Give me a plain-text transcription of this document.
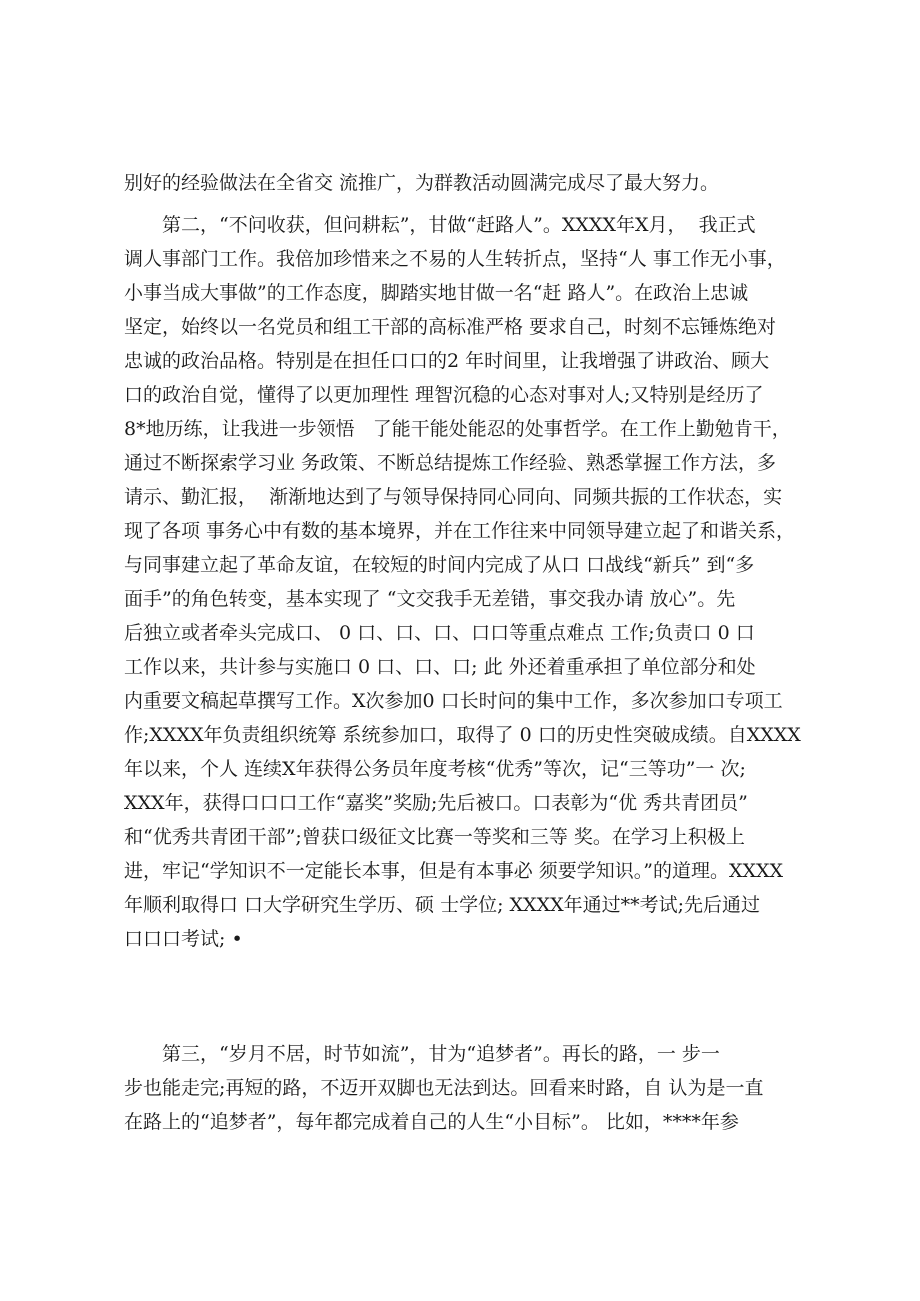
别好的经验做法在全省交 流推广，为群教活动圆满完成尽了最大努力。
第二，“不问收获，但问耕耘”，甘做“赶路人”。XXXX年X月，  我正式
调人事部门工作。我倍加珍惜来之不易的人生转折点，坚持“人 事工作无小事，
小事当成大事做”的工作态度，脚踏实地甘做一名“赶 路人”。在政治上忠诚
坚定，始终以一名党员和组工干部的高标准严格 要求自己，时刻不忘锤炼绝对
忠诚的政治品格。特别是在担任口口的2 年时间里，让我增强了讲政治、顾大
口的政治自觉，懂得了以更加理性 理智沉稳的心态对事对人;又特别是经历了
8*地历练，让我进一步领悟   了能干能处能忍的处事哲学。在工作上勤勉肯干，
通过不断探索学习业 务政策、不断总结提炼工作经验、熟悉掌握工作方法，多
请示、勤汇报，  渐渐地达到了与领导保持同心同向、同频共振的工作状态，实
现了各项 事务心中有数的基本境界，并在工作往来中同领导建立起了和谐关系，
与同事建立起了革命友谊，在较短的时间内完成了从口 口战线“新兵” 到“多
面手”的角色转变，基本实现了 “文交我手无差错，事交我办请 放心”。先
后独立或者牵头完成口、 0 口、口、口、口口等重点难点 工作;负责口 0 口
工作以来，共计参与实施口 0 口、口、口; 此 外还着重承担了单位部分和处
内重要文稿起草撰写工作。X次参加0 口长时问的集中工作，多次参加口专项工
作;XXXX年负责组织统筹 系统参加口，取得了 0 口的历史性突破成绩。自XXXX
年以来，个人 连续X年获得公务员年度考核“优秀”等次，记“三等功”一 次;
XXX年，获得口口口工作“嘉奖”奖励;先后被口。口表彰为“优 秀共青团员”
和“优秀共青团干部”;曾获口级征文比赛一等奖和三等 奖。在学习上积极上
进，牢记“学知识不一定能长本事，但是有本事必 须要学知识。”的道理。XXXX
年顺利取得口 口大学研究生学历、硕 士学位; XXXX年通过**考试;先后通过
口口口考试; •
第三，“岁月不居，时节如流”，甘为“追梦者”。再长的路，一 步一
步也能走完;再短的路，不迈开双脚也无法到达。回看来时路，自 认为是一直
在路上的“追梦者”，每年都完成着自己的人生“小目标”。 比如，****年参
